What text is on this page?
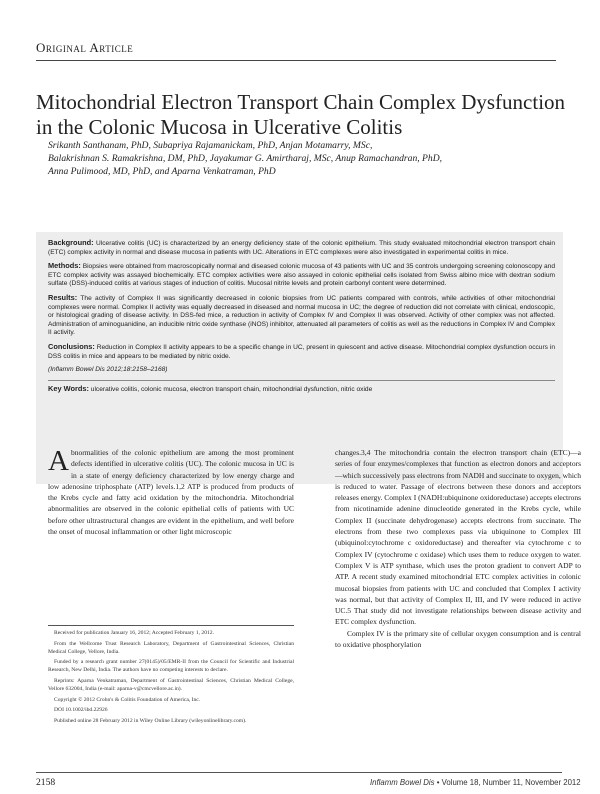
Original Article
Mitochondrial Electron Transport Chain Complex Dysfunction in the Colonic Mucosa in Ulcerative Colitis
Srikanth Santhanam, PhD, Subapriya Rajamanickam, PhD, Anjan Motamarry, MSc,
Balakrishnan S. Ramakrishna, DM, PhD, Jayakumar G. Amirtharaj, MSc, Anup Ramachandran, PhD,
Anna Pulimood, MD, PhD, and Aparna Venkatraman, PhD

Background: Ulcerative colitis (UC) is characterized by an energy deficiency state of the colonic epithelium. This study evaluated mitochondrial electron transport chain (ETC) complex activity in normal and disease mucosa in patients with UC. Alterations in ETC complexes were also investigated in experimental colitis in mice.

Methods: Biopsies were obtained from macroscopically normal and diseased colonic mucosa of 43 patients with UC and 35 controls undergoing screening colonoscopy and ETC complex activity was assayed biochemically. ETC complex activities were also assayed in colonic epithelial cells isolated from Swiss albino mice with dextran sodium sulfate (DSS)-induced colitis at various stages of induction of colitis. Mucosal nitrite levels and protein carbonyl content were determined.

Results: The activity of Complex II was significantly decreased in colonic biopsies from UC patients compared with controls, while activities of other mitochondrial complexes were normal. Complex II activity was equally decreased in diseased and normal mucosa in UC; the degree of reduction did not correlate with clinical, endoscopic, or histological grading of disease activity. In DSS-fed mice, a reduction in activity of Complex IV and Complex II was observed. Activity of other complex was not affected. Administration of aminoguanidine, an inducible nitric oxide synthase (iNOS) inhibitor, attenuated all parameters of colitis as well as the reductions in Complex IV and Complex II activity.

Conclusions: Reduction in Complex II activity appears to be a specific change in UC, present in quiescent and active disease. Mitochondrial complex dysfunction occurs in DSS colitis in mice and appears to be mediated by nitric oxide.

(Inflamm Bowel Dis 2012;18:2158–2168)

Key Words: ulcerative colitis, colonic mucosa, electron transport chain, mitochondrial dysfunction, nitric oxide

Abnormalities of the colonic epithelium are among the most prominent defects identified in ulcerative colitis (UC). The colonic mucosa in UC is in a state of energy deficiency characterized by low energy charge and low adenosine triphosphate (ATP) levels.1,2 ATP is produced from products of the Krebs cycle and fatty acid oxidation by the mitochondria. Mitochondrial abnormalities are observed in the colonic epithelial cells of patients with UC before other ultrastructural changes are evident in the epithelium, and well before the onset of mucosal inflammation or other light microscopic

Received for publication January 16, 2012; Accepted February 1, 2012.

From the Wellcome Trust Research Laboratory, Department of Gastrointestinal Sciences, Christian Medical College, Vellore, India.

Funded by a research grant number 27(0145)/05/EMR-II from the Council for Scientific and Industrial Research, New Delhi, India. The authors have no competing interests to declare.

Reprints: Aparna Venkatraman, Department of Gastrointestinal Sciences, Christian Medical College, Vellore 632004, India (e-mail: aparna-v@cmcvellore.ac.in).

Copyright © 2012 Crohn's & Colitis Foundation of America, Inc.

DOI 10.1002/ibd.22926

Published online 28 February 2012 in Wiley Online Library (wileyonlinelibrary.com).

changes.3,4 The mitochondria contain the electron transport chain (ETC)—a series of four enzymes/complexes that function as electron donors and acceptors—which successively pass electrons from NADH and succinate to oxygen, which is reduced to water. Passage of electrons between these donors and acceptors releases energy. Complex I (NADH:ubiquinone oxidoreductase) accepts electrons from nicotinamide adenine dinucleotide generated in the Krebs cycle, while Complex II (succinate dehydrogenase) accepts electrons from succinate. The electrons from these two complexes pass via ubiquinone to Complex III (ubiquinol:cytochrome c oxidoreductase) and thereafter via cytochrome c to Complex IV (cytochrome c oxidase) which uses them to reduce oxygen to water. Complex V is ATP synthase, which uses the proton gradient to convert ADP to ATP. A recent study examined mitochondrial ETC complex activities in colonic mucosal biopsies from patients with UC and concluded that Complex I activity was normal, but that activity of Complex II, III, and IV were reduced in active UC.5 That study did not investigate relationships between disease activity and ETC complex dysfunction.

Complex IV is the primary site of cellular oxygen consumption and is central to oxidative phosphorylation

2158	Inflamm Bowel Dis • Volume 18, Number 11, November 2012
